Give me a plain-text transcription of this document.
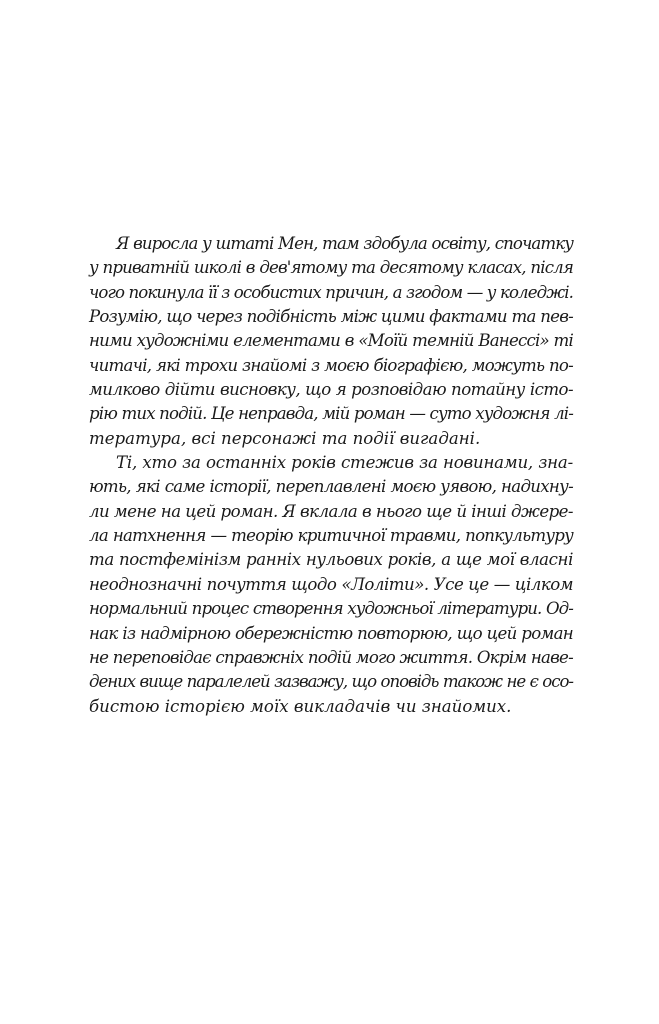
Я виросла у штаті Мен, там здобула освіту, спочатку
у приватній школі в дев'ятому та десятому класах, після
чого покинула її з особистих причин, а згодом — у коледжі.
Розумію, що через подібність між цими фактами та пев-
ними художніми елементами в «Моїй темній Ванессі» ті
читачі, які трохи знайомі з моєю біографією, можуть по-
милково дійти висновку, що я розповідаю потайну істо-
рію тих подій. Це неправда, мій роман — суто художня лі-
тература, всі персонажі та події вигадані.
Ті, хто за останніх років стежив за новинами, зна-
ють, які саме історії, переплавлені моєю уявою, надихну-
ли мене на цей роман. Я вклала в нього ще й інші джере-
ла натхнення — теорію критичної травми, попкультуру
та постфемінізм ранніх нульових років, а ще мої власні
неоднозначні почуття щодо «Лоліти». Усе це — цілком
нормальний процес створення художньої літератури. Од-
нак із надмірною обережністю повторюю, що цей роман
не переповідає справжніх подій мого життя. Окрім наве-
дених вище паралелей зазважу, що оповідь також не є осо-
бистою історією моїх викладачів чи знайомих.
